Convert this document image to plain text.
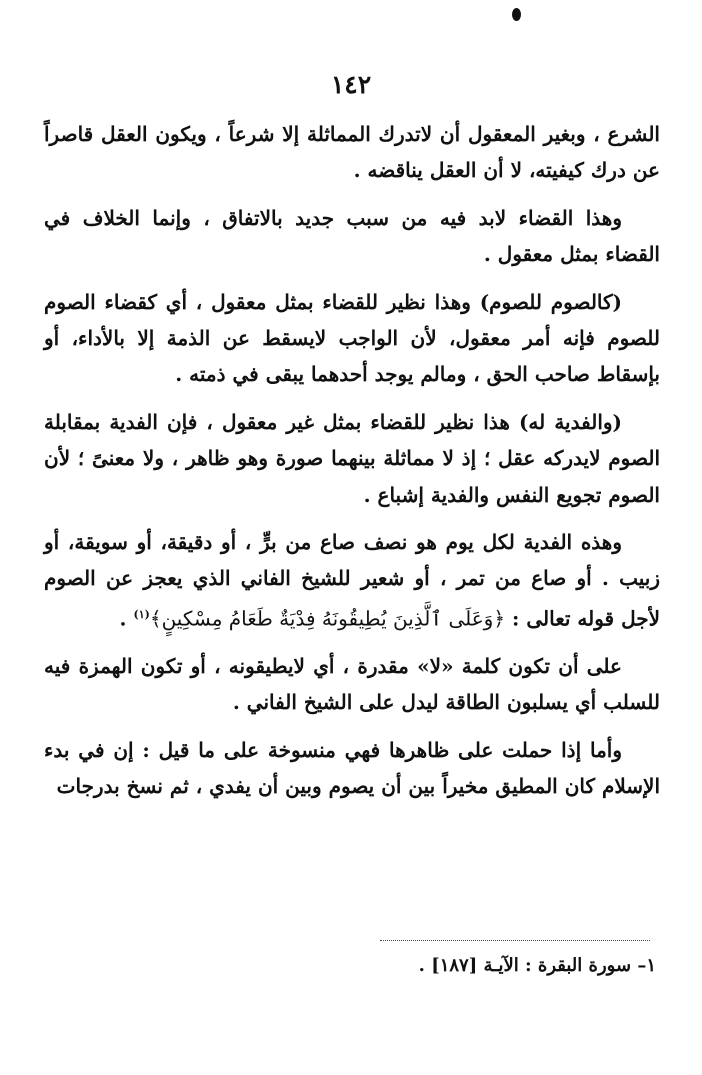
١٤٢

الشرع ، وبغير المعقول أن لاتدرك المماثلة إلا شرعاً ، ويكون العقل قاصراً عن درك كيفيته، لا أن العقل يناقضه .

وهذا القضاء لابد فيه من سبب جديد بالاتفاق ، وإنما الخلاف في القضاء بمثل معقول .

(كالصوم للصوم) وهذا نظير للقضاء بمثل معقول ، أي كقضاء الصوم للصوم فإنه أمر معقول، لأن الواجب لايسقط عن الذمة إلا بالأداء، أو بإسقاط صاحب الحق ، ومالم يوجد أحدهما يبقى في ذمته .

(والفدية له) هذا نظير للقضاء بمثل غير معقول ، فإن الفدية بمقابلة الصوم لايدركه عقل ؛ إذ لا مماثلة بينهما صورة وهو ظاهر ، ولا معنىً ؛ لأن الصوم تجويع النفس والفدية إشباع .

وهذه الفدية لكل يوم هو نصف صاع من برٍّ ، أو دقيقة، أو سويقة، أو زبيب . أو صاع من تمر ، أو شعير للشيخ الفاني الذي يعجز عن الصوم لأجل قوله تعالى : ﴿وَعَلَى ٱلَّذِينَ يُطِيقُونَهُ فِدْيَةٌ طَعَامُ مِسْكِينٍ﴾$^{(١)}$ .

على أن تكون كلمة «لا» مقدرة ، أي لايطيقونه ، أو تكون الهمزة فيه للسلب أي يسلبون الطاقة ليدل على الشيخ الفاني .

وأما إذا حملت على ظاهرها فهي منسوخة على ما قيل : إن في بدء الإسلام كان المطيق مخيراً بين أن يصوم وبين أن يفدي ، ثم نسخ بدرجات

١– سورة البقرة : الآيـة [١٨٧] .
